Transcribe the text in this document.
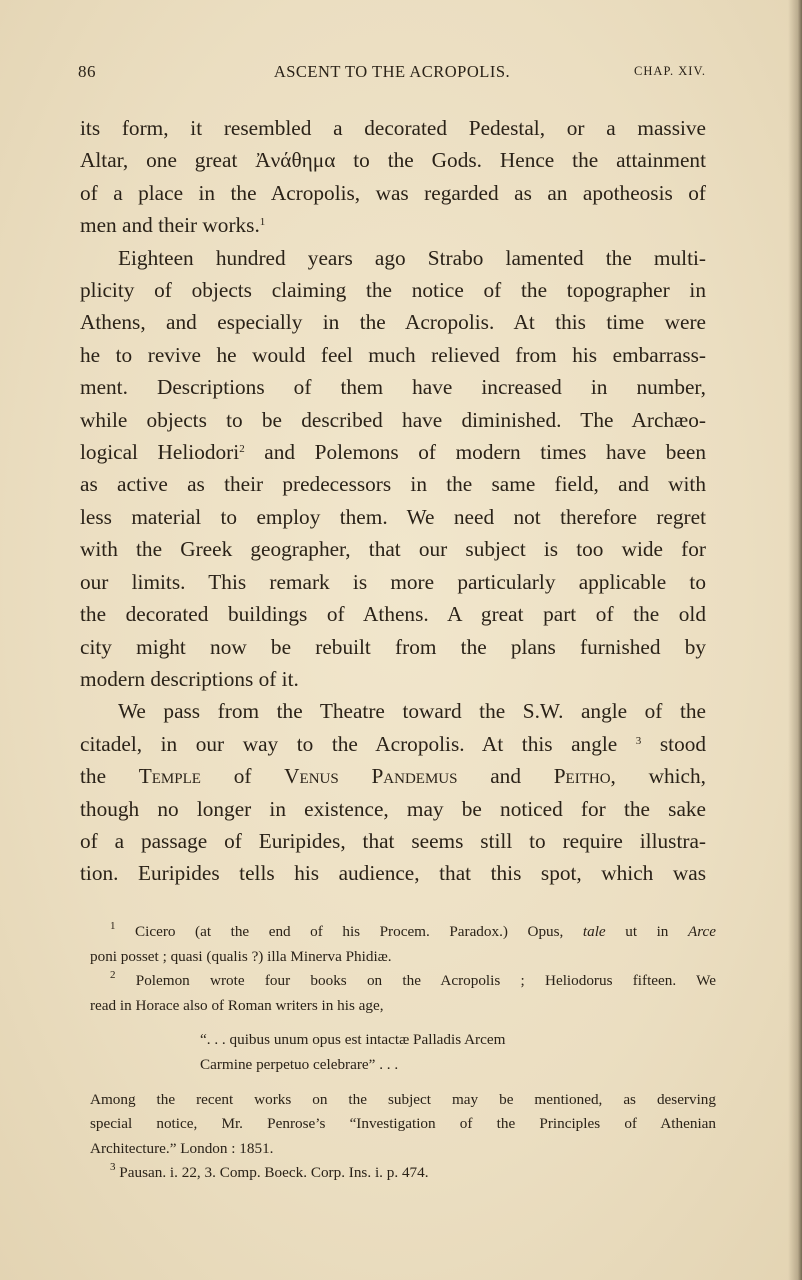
86	ASCENT TO THE ACROPOLIS.	CHAP. XIV.
its form, it resembled a decorated Pedestal, or a massive
Altar, one great Ἀνάθημα to the Gods. Hence the attainment
of a place in the Acropolis, was regarded as an apotheosis of
men and their works.$^1$
Eighteen hundred years ago Strabo lamented the multi-
plicity of objects claiming the notice of the topographer in
Athens, and especially in the Acropolis. At this time were
he to revive he would feel much relieved from his embarrass-
ment. Descriptions of them have increased in number,
while objects to be described have diminished. The Archæo-
logical Heliodori$^2$ and Polemons of modern times have been
as active as their predecessors in the same field, and with
less material to employ them. We need not therefore regret
with the Greek geographer, that our subject is too wide for
our limits. This remark is more particularly applicable to
the decorated buildings of Athens. A great part of the old
city might now be rebuilt from the plans furnished by
modern descriptions of it.
We pass from the Theatre toward the S.W. angle of the
citadel, in our way to the Acropolis. At this angle $^3$ stood
the Temple of Venus Pandemus and Peitho, which,
though no longer in existence, may be noticed for the sake
of a passage of Euripides, that seems still to require illustra-
tion. Euripides tells his audience, that this spot, which was
$^1$ Cicero (at the end of his Procem. Paradox.) Opus, tale ut in Arce
poni posset ; quasi (qualis ?) illa Minerva Phidiæ.
$^2$ Polemon wrote four books on the Acropolis ; Heliodorus fifteen. We
read in Horace also of Roman writers in his age,
“. . . quibus unum opus est intactæ Palladis Arcem
Carmine perpetuo celebrare” . . .
Among the recent works on the subject may be mentioned, as deserving
special notice, Mr. Penrose’s “Investigation of the Principles of Athenian
Architecture.” London : 1851.
$^3$ Pausan. i. 22, 3. Comp. Boeck. Corp. Ins. i. p. 474.
